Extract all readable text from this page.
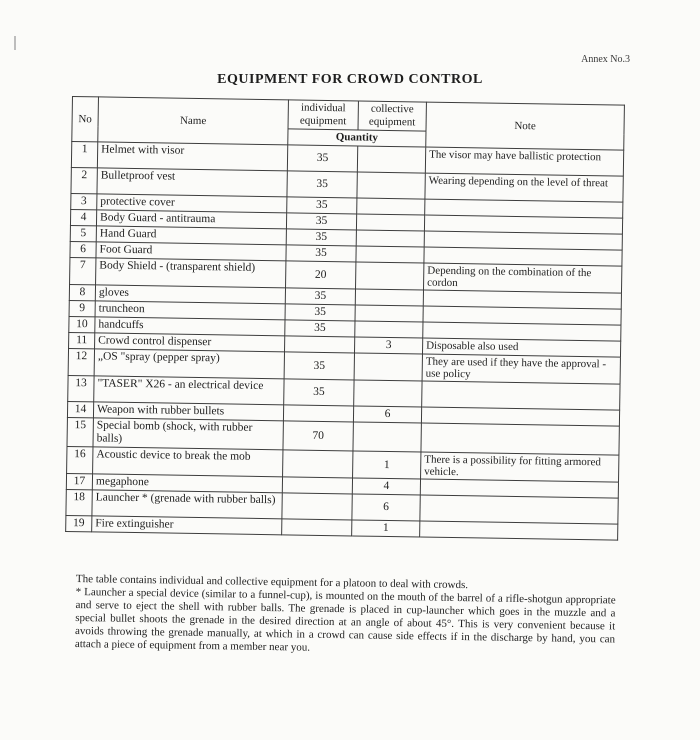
Annex No.3
EQUIPMENT FOR CROWD CONTROL
No	Name	individual equipment	collective equipment	Note
		Quantity		
1	Helmet with visor	35		The visor may have ballistic protection
2	Bulletproof vest	35		Wearing depending on the level of threat
3	protective cover	35		
4	Body Guard - antitrauma	35		
5	Hand Guard	35		
6	Foot Guard	35		
7	Body Shield - (transparent shield)	20		Depending on the combination of the cordon
8	gloves	35		
9	truncheon	35		
10	handcuffs	35		
11	Crowd control dispenser		3	Disposable also used
12	„OS "spray (pepper spray)	35		They are used if they have the approval - use policy
13	"TASER" X26 - an electrical device	35		
14	Weapon with rubber bullets		6	
15	Special bomb (shock, with rubber balls)	70		
16	Acoustic device to break the mob		1	There is a possibility for fitting armored vehicle.
17	megaphone		4	
18	Launcher * (grenade with rubber balls)		6	
19	Fire extinguisher		1	

The table contains individual and collective equipment for a platoon to deal with crowds.

* Launcher a special device (similar to a funnel-cup), is mounted on the mouth of the barrel of a rifle-shotgun appropriate and serve to eject the shell with rubber balls. The grenade is placed in cup-launcher which goes in the muzzle and a special bullet shoots the grenade in the desired direction at an angle of about 45°. This is very convenient because it avoids throwing the grenade manually, at which in a crowd can cause side effects if in the discharge by hand, you can attach a piece of equipment from a member near you.
